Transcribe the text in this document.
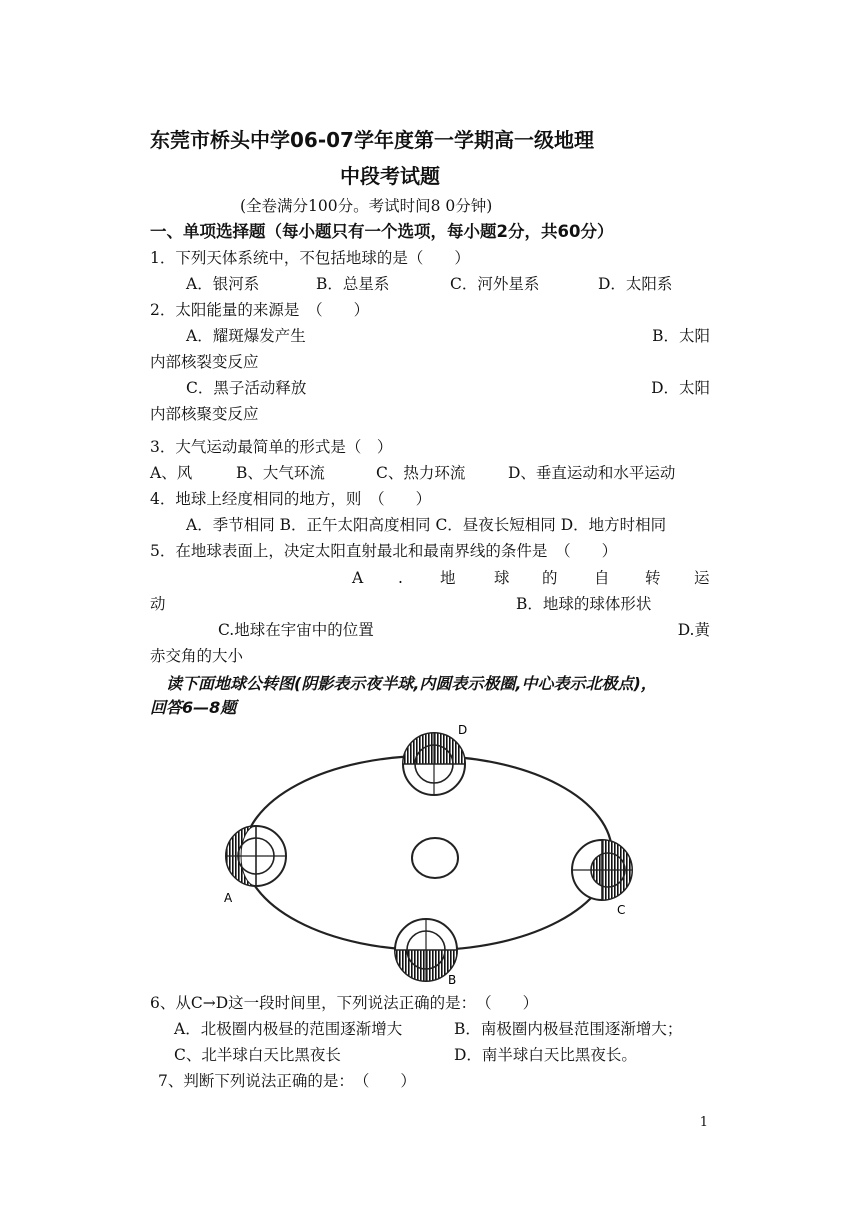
东莞市桥头中学06-07学年度第一学期高一级地理
中段考试题
(全卷满分100分。考试时间8 0分钟)
一、单项选择题（每小题只有一个选项，每小题2分，共60分）
1．下列天体系统中，不包括地球的是（　　）
A．银河系	B．总星系	C．河外星系	D．太阳系
2．太阳能量的来源是　（　　）
A．耀斑爆发产生	B．太阳
内部核裂变反应
C．黑子活动释放	D．太阳
内部核聚变反应
3．大气运动最简单的形式是（　）
A、风	B、大气环流	C、热力环流	D、垂直运动和水平运动
4．地球上经度相同的地方，则　（　　）
A．季节相同 B．正午太阳高度相同 C．昼夜长短相同 D．地方时相同
5．在地球表面上，决定太阳直射最北和最南界线的条件是　（　　）
A . 地 球 的 自 转 运
动	B．地球的球体形状
C.地球在宇宙中的位置	D.黄
赤交角的大小
读下面地球公转图(阴影表示夜半球,内圆表示极圈,中心表示北极点)，
回答6—8题
D
A
C
B
6、从C→D这一段时间里，下列说法正确的是：　（　　）
A．北极圈内极昼的范围逐渐增大	B．南极圈内极昼范围逐渐增大；
C、北半球白天比黑夜长	D．南半球白天比黑夜长。
7、判断下列说法正确的是：　（　　）
1
